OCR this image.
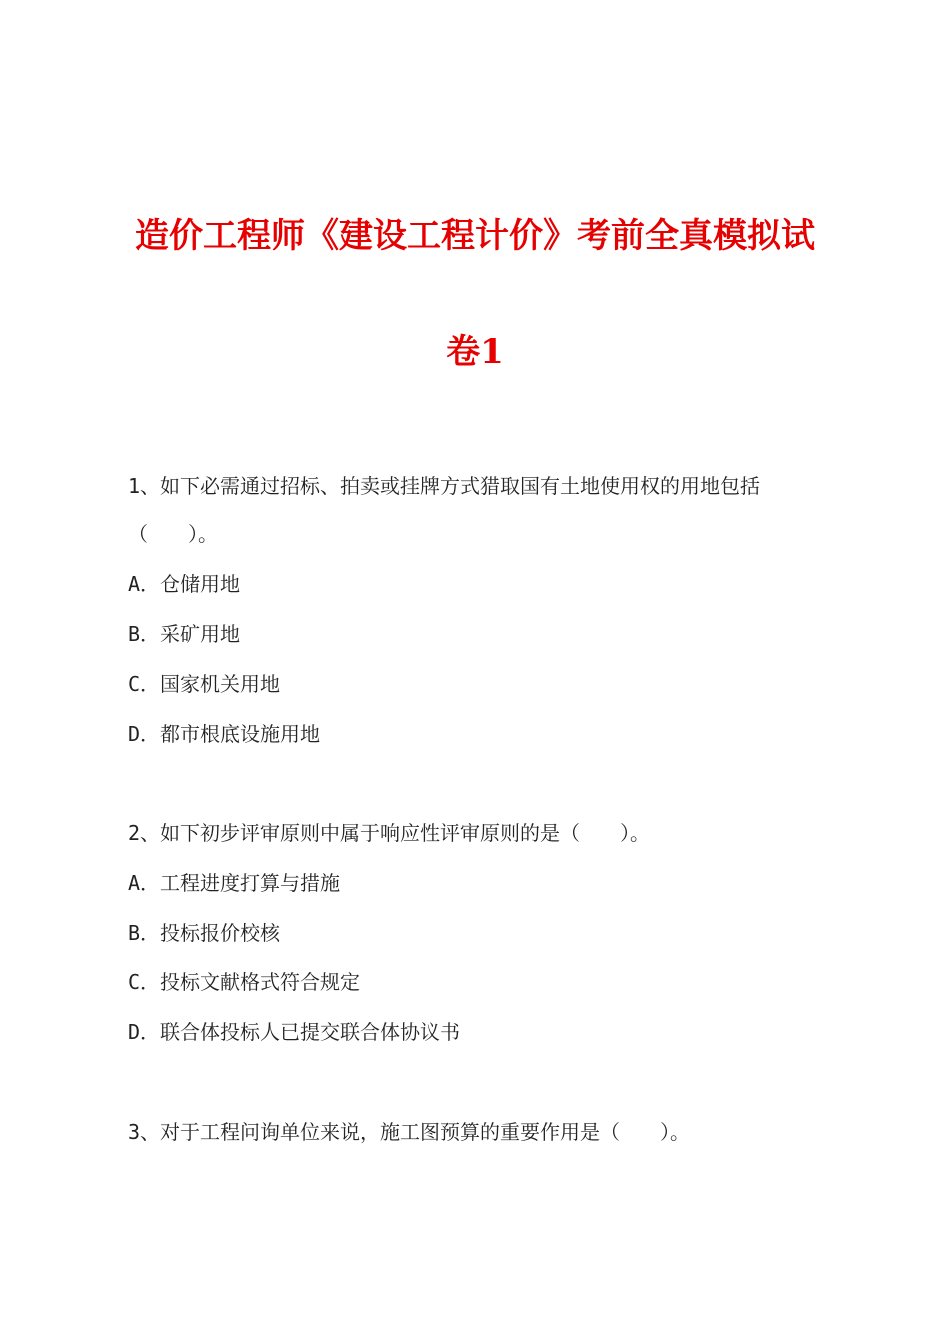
造价工程师《建设工程计价》考前全真模拟试
卷1
1、如下必需通过招标、拍卖或挂牌方式猎取国有土地使用权的用地包括
（　　）。
A．仓储用地
B．采矿用地
C．国家机关用地
D．都市根底设施用地
2、如下初步评审原则中属于响应性评审原则的是（　　）。
A．工程进度打算与措施
B．投标报价校核
C．投标文献格式符合规定
D．联合体投标人已提交联合体协议书
3、对于工程问询单位来说，施工图预算的重要作用是（　　）。
